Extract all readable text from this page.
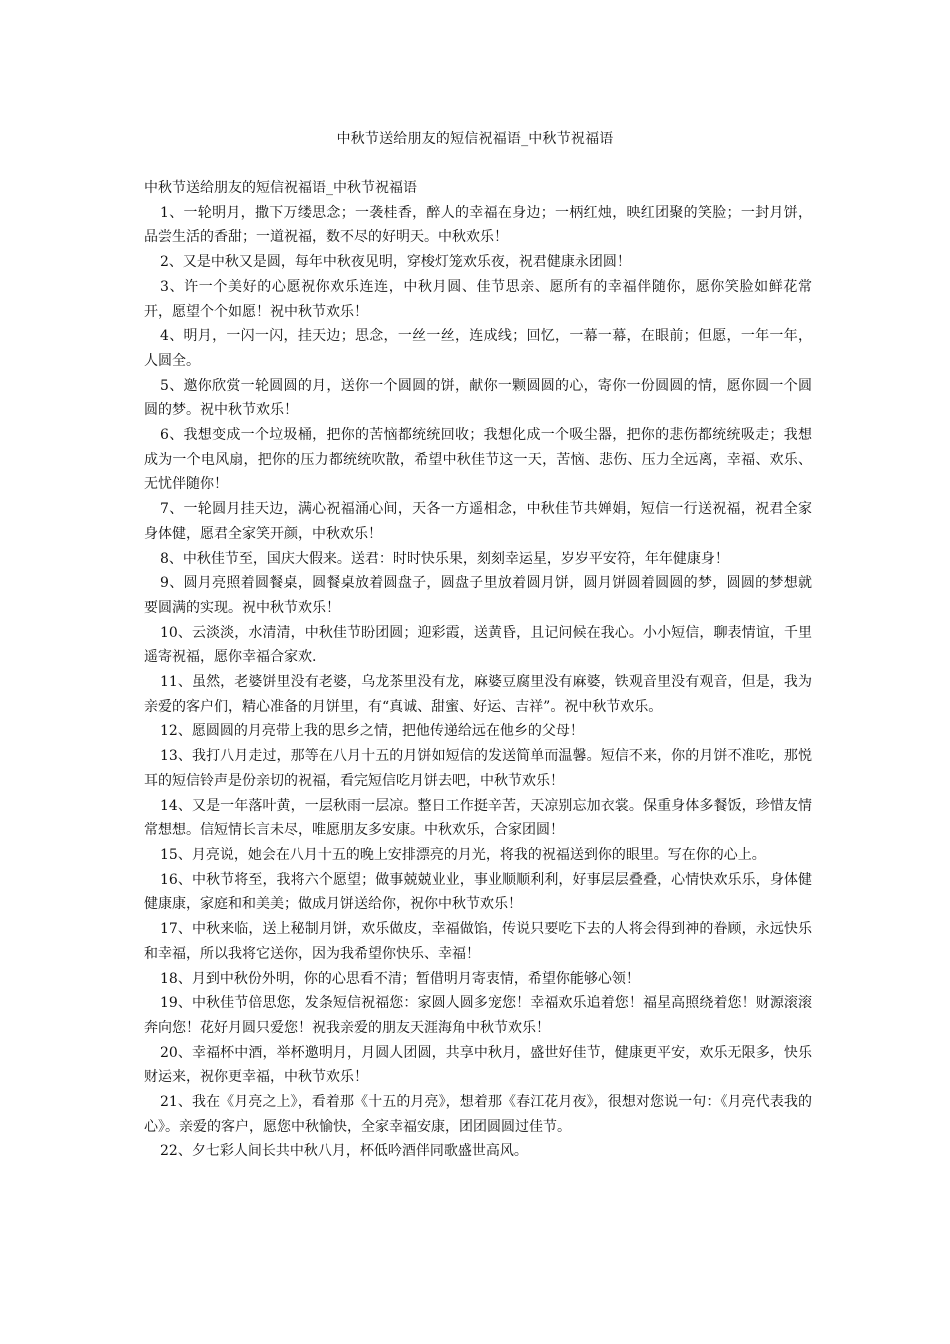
中秋节送给朋友的短信祝福语_中秋节祝福语

中秋节送给朋友的短信祝福语_中秋节祝福语

1、一轮明月，撒下万缕思念；一袭桂香，醉人的幸福在身边；一柄红烛，映红团聚的笑脸；一封月饼，品尝生活的香甜；一道祝福，数不尽的好明天。中秋欢乐！

2、又是中秋又是圆，每年中秋夜见明，穿梭灯笼欢乐夜，祝君健康永团圆！

3、许一个美好的心愿祝你欢乐连连，中秋月圆、佳节思亲、愿所有的幸福伴随你，愿你笑脸如鲜花常开，愿望个个如愿！祝中秋节欢乐！

4、明月，一闪一闪，挂天边；思念，一丝一丝，连成线；回忆，一幕一幕，在眼前；但愿，一年一年，人圆全。

5、邀你欣赏一轮圆圆的月，送你一个圆圆的饼，献你一颗圆圆的心，寄你一份圆圆的情，愿你圆一个圆圆的梦。祝中秋节欢乐！

6、我想变成一个垃圾桶，把你的苦恼都统统回收；我想化成一个吸尘器，把你的悲伤都统统吸走；我想成为一个电风扇，把你的压力都统统吹散，希望中秋佳节这一天，苦恼、悲伤、压力全远离，幸福、欢乐、无忧伴随你！

7、一轮圆月挂天边，满心祝福涌心间，天各一方遥相念，中秋佳节共婵娟，短信一行送祝福，祝君全家身体健，愿君全家笑开颜，中秋欢乐！

8、中秋佳节至，国庆大假来。送君：时时快乐果，刻刻幸运星，岁岁平安符，年年健康身！

9、圆月亮照着圆餐桌，圆餐桌放着圆盘子，圆盘子里放着圆月饼，圆月饼圆着圆圆的梦，圆圆的梦想就要圆满的实现。祝中秋节欢乐！

10、云淡淡，水清清，中秋佳节盼团圆；迎彩霞，送黄昏，且记问候在我心。小小短信，聊表情谊，千里遥寄祝福，愿你幸福合家欢.

11、虽然，老婆饼里没有老婆，乌龙茶里没有龙，麻婆豆腐里没有麻婆，铁观音里没有观音，但是，我为亲爱的客户们，精心准备的月饼里，有“真诚、甜蜜、好运、吉祥”。祝中秋节欢乐。

12、愿圆圆的月亮带上我的思乡之情，把他传递给远在他乡的父母！

13、我打八月走过，那等在八月十五的月饼如短信的发送简单而温馨。短信不来，你的月饼不准吃，那悦耳的短信铃声是份亲切的祝福，看完短信吃月饼去吧，中秋节欢乐！

14、又是一年落叶黄，一层秋雨一层凉。整日工作挺辛苦，天凉别忘加衣裳。保重身体多餐饭，珍惜友情常想想。信短情长言未尽，唯愿朋友多安康。中秋欢乐，合家团圆！

15、月亮说，她会在八月十五的晚上安排漂亮的月光，将我的祝福送到你的眼里。写在你的心上。

16、中秋节将至，我将六个愿望；做事兢兢业业，事业顺顺利利，好事层层叠叠，心情快欢乐乐，身体健健康康，家庭和和美美；做成月饼送给你，祝你中秋节欢乐！

17、中秋来临，送上秘制月饼，欢乐做皮，幸福做馅，传说只要吃下去的人将会得到神的眷顾，永远快乐和幸福，所以我将它送你，因为我希望你快乐、幸福！

18、月到中秋份外明，你的心思看不清；暂借明月寄衷情，希望你能够心领！

19、中秋佳节倍思您，发条短信祝福您：家圆人圆多宠您！幸福欢乐追着您！福星高照绕着您！财源滚滚奔向您！花好月圆只爱您！祝我亲爱的朋友天涯海角中秋节欢乐！

20、幸福杯中酒，举杯邀明月，月圆人团圆，共享中秋月，盛世好佳节，健康更平安，欢乐无限多，快乐财运来，祝你更幸福，中秋节欢乐！

21、我在《月亮之上》，看着那《十五的月亮》，想着那《春江花月夜》，很想对您说一句：《月亮代表我的心》。亲爱的客户，愿您中秋愉快，全家幸福安康，团团圆圆过佳节。

22、夕七彩人间长共中秋八月，杯低吟酒伴同歌盛世高风。
